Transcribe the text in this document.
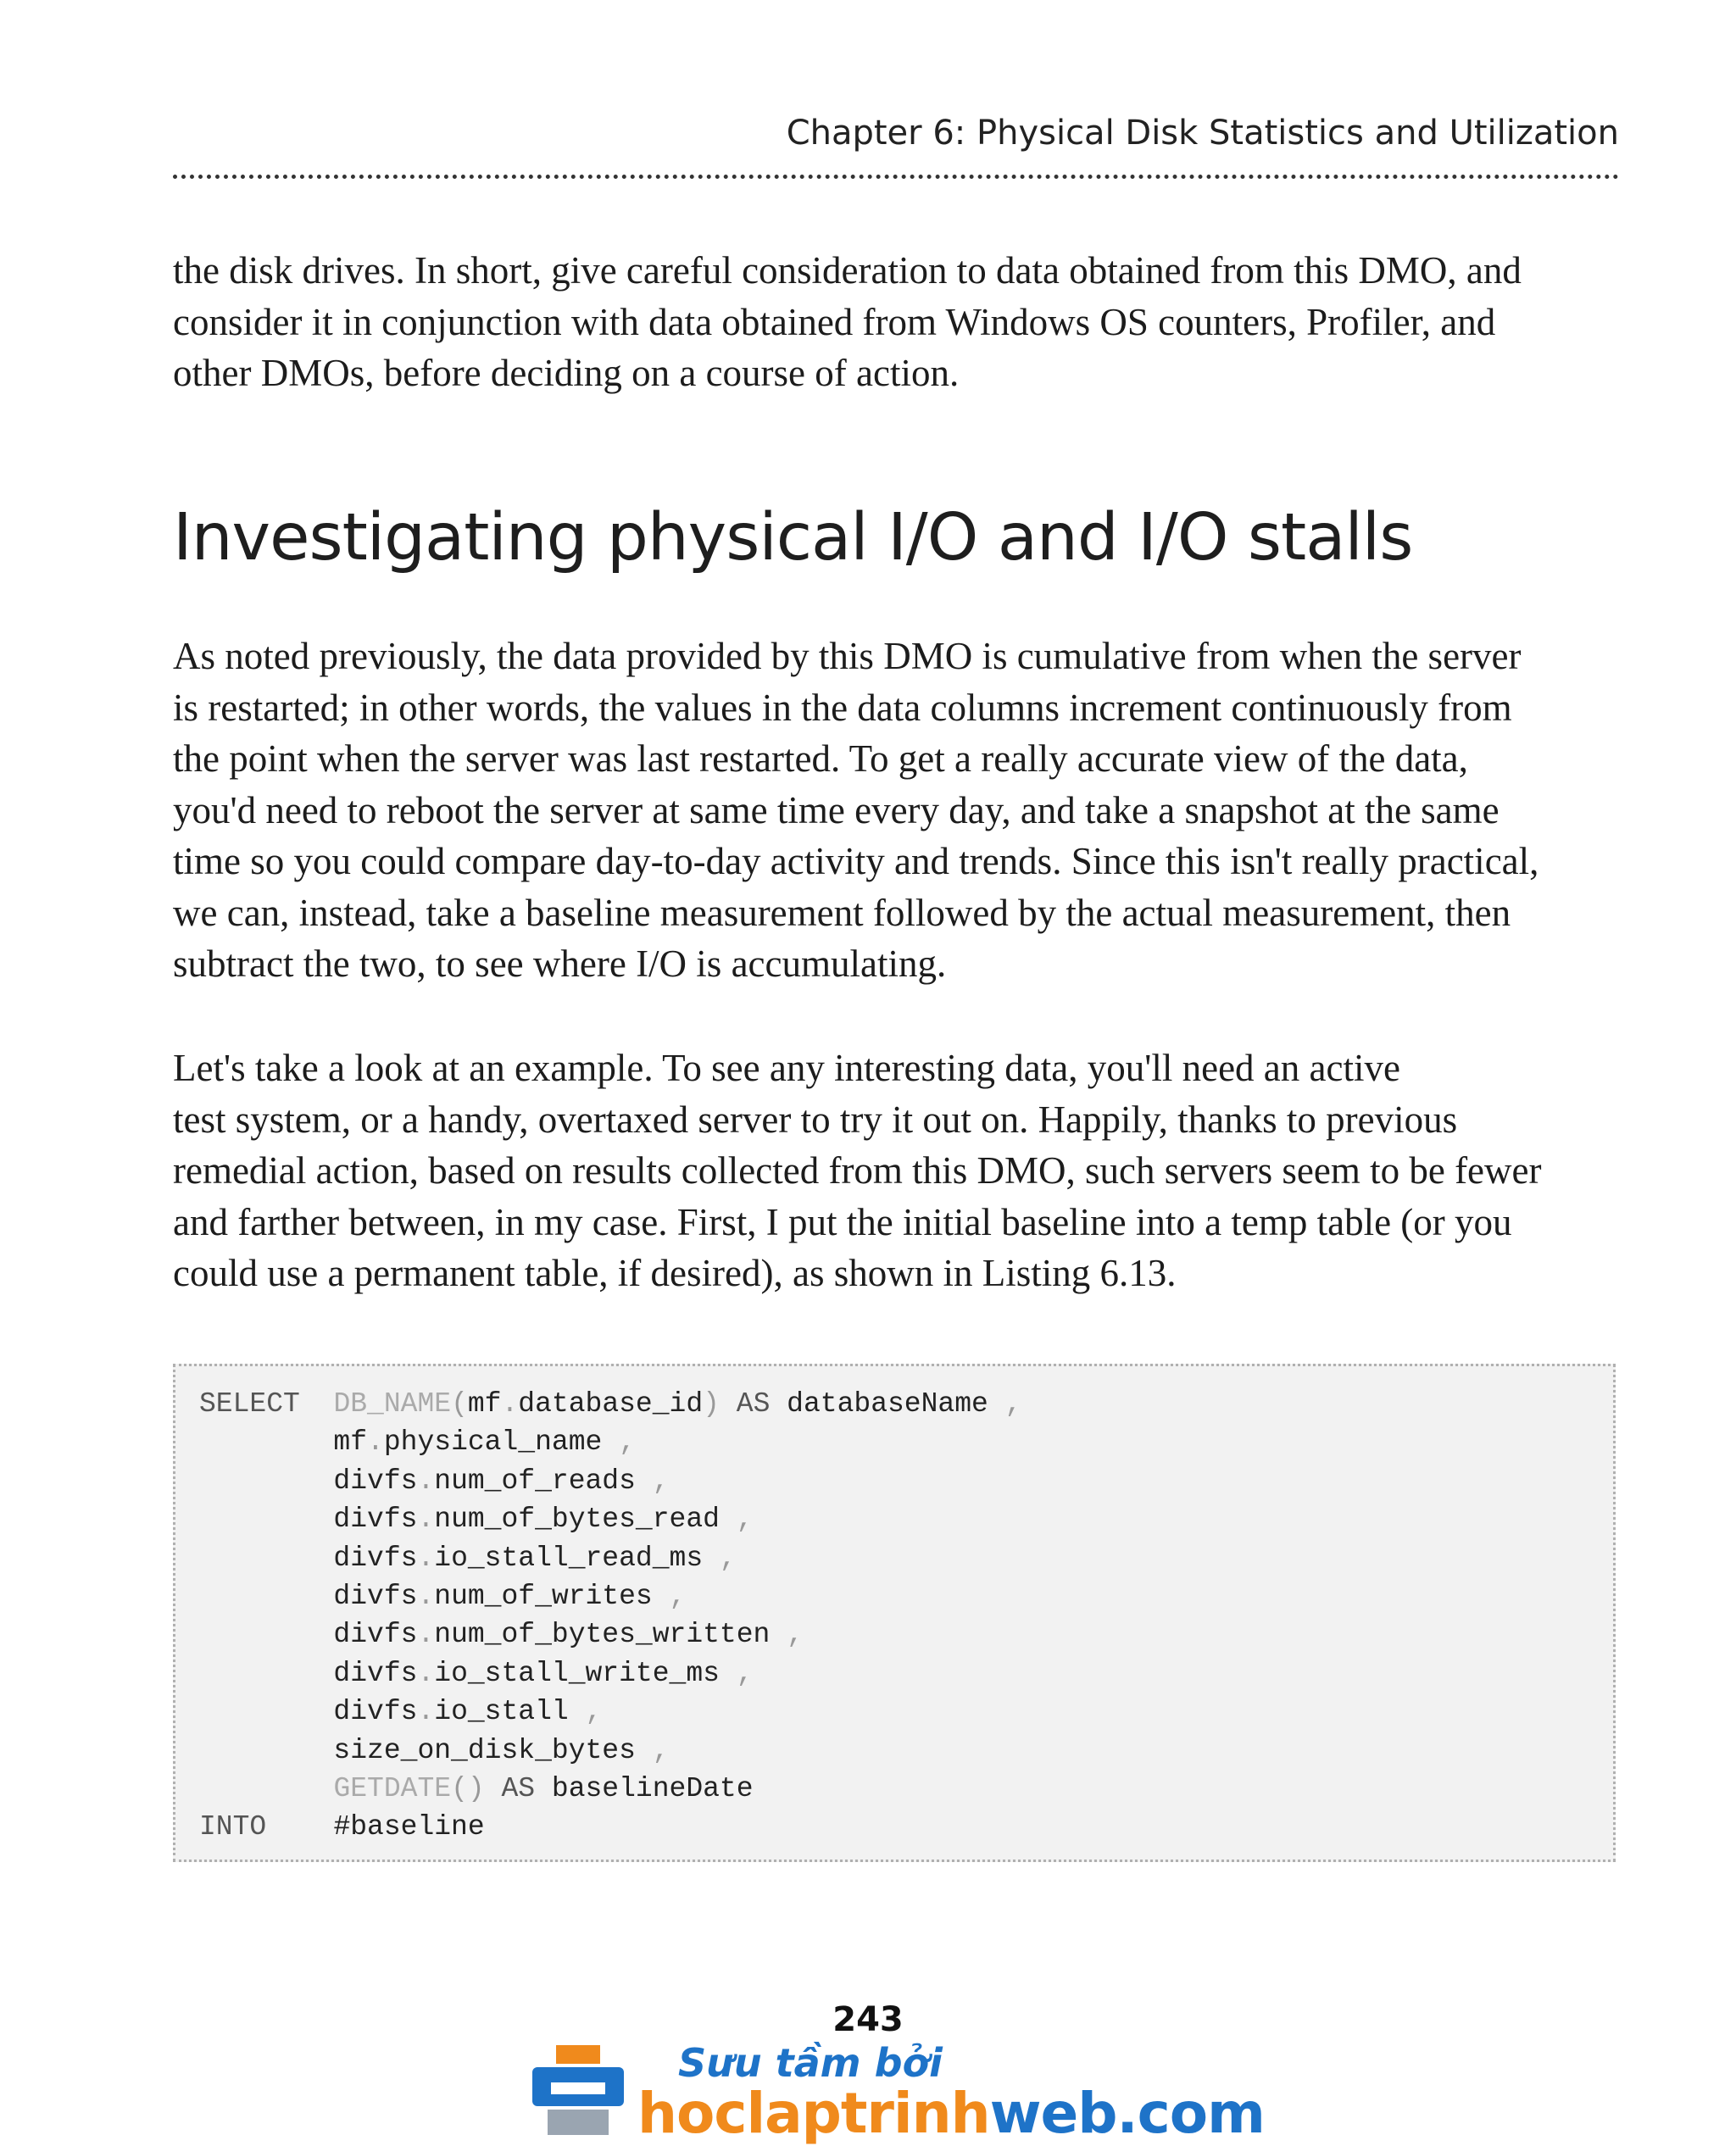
Chapter 6: Physical Disk Statistics and Utilization
the disk drives. In short, give careful consideration to data obtained from this DMO, and
consider it in conjunction with data obtained from Windows OS counters, Profiler, and
other DMOs, before deciding on a course of action.
Investigating physical I/O and I/O stalls
As noted previously, the data provided by this DMO is cumulative from when the server
is restarted; in other words, the values in the data columns increment continuously from
the point when the server was last restarted. To get a really accurate view of the data,
you'd need to reboot the server at same time every day, and take a snapshot at the same
time so you could compare day-to-day activity and trends. Since this isn't really practical,
we can, instead, take a baseline measurement followed by the actual measurement, then
subtract the two, to see where I/O is accumulating.
Let's take a look at an example. To see any interesting data, you'll need an active
test system, or a handy, overtaxed server to try it out on. Happily, thanks to previous
remedial action, based on results collected from this DMO, such servers seem to be fewer
and farther between, in my case. First, I put the initial baseline into a temp table (or you
could use a permanent table, if desired), as shown in Listing 6.13.
SELECT  DB_NAME(mf.database_id) AS databaseName ,
mf.physical_name ,
divfs.num_of_reads ,
divfs.num_of_bytes_read ,
divfs.io_stall_read_ms ,
divfs.num_of_writes ,
divfs.num_of_bytes_written ,
divfs.io_stall_write_ms ,
divfs.io_stall ,
size_on_disk_bytes ,
GETDATE() AS baselineDate
INTO    #baseline
243
Sưu tầm bởi
hoclaptrinhweb.com
